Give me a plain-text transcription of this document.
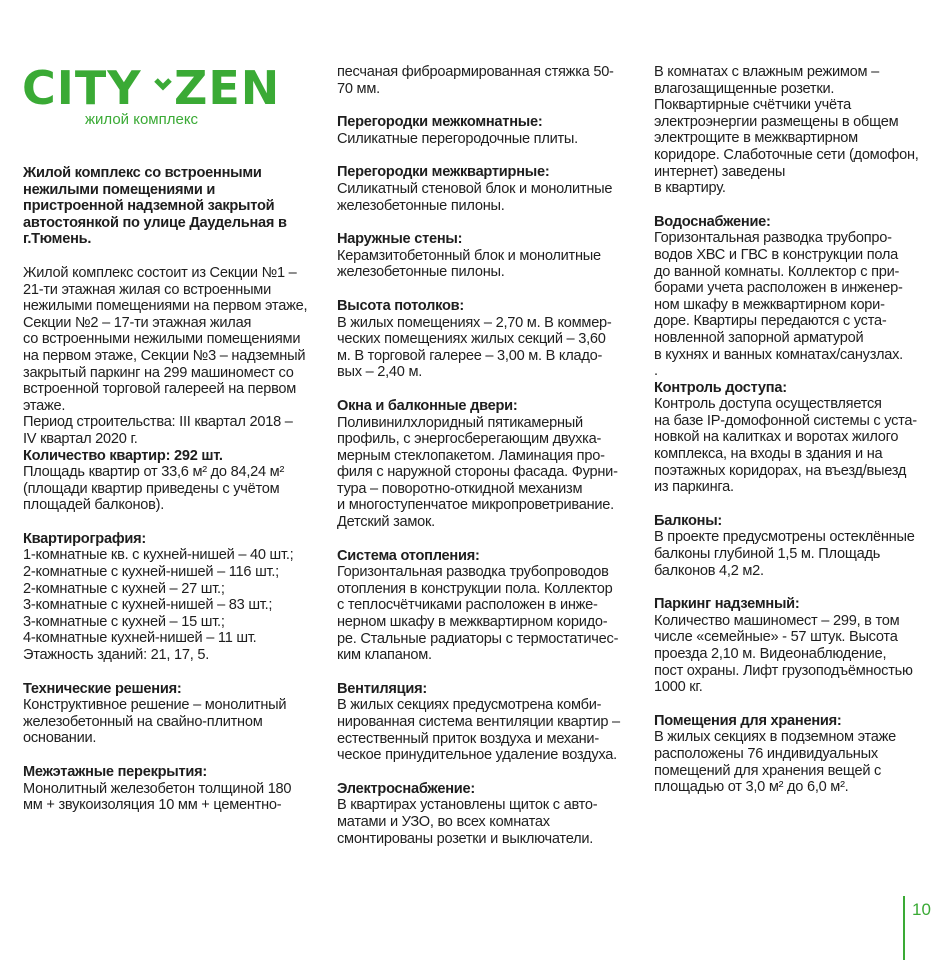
CITY ZEN
жилой комплекс

Жилой комплекс со встроенными
нежилыми помещениями и
пристроенной надземной закрытой
автостоянкой по улице Даудельная в
г.Тюмень.

Жилой комплекс состоит из Секции №1 –
21-ти этажная жилая со встроенными
нежилыми помещениями на первом этаже,
Секции №2 – 17-ти этажная жилая
со встроенными нежилыми помещениями
на первом этаже, Секции №3 – надземный
закрытый паркинг на 299 машиномест со
встроенной торговой галереей на первом
этаже.

Период строительства: III квартал 2018 –
IV квартал 2020 г.

Количество квартир: 292 шт.

Площадь квартир от 33,6 м² до 84,24 м²
(площади квартир приведены с учётом
площадей балконов).

Квартирография:

1-комнатные кв. с кухней-нишей – 40 шт.;
2-комнатные с кухней-нишей – 116 шт.;
2-комнатные с кухней – 27 шт.;
3-комнатные с кухней-нишей – 83 шт.;
3-комнатные с кухней – 15 шт.;
4-комнатные кухней-нишей – 11 шт.
Этажность зданий: 21, 17, 5.

Технические решения:

Конструктивное решение – монолитный
железобетонный на свайно-плитном
основании.

Межэтажные перекрытия:

Монолитный железобетон толщиной 180
мм + звукоизоляция 10 мм + цементно-

песчаная фиброармированная стяжка 50-
70 мм.

Перегородки межкомнатные:

Силикатные перегородочные плиты.

Перегородки межквартирные:

Силикатный стеновой блок и монолитные
железобетонные пилоны.

Наружные стены:

Керамзитобетонный блок и монолитные
железобетонные пилоны.

Высота потолков:

В жилых помещениях – 2,70 м. В коммер-
ческих помещениях жилых секций – 3,60
м. В торговой галерее – 3,00 м. В кладо-
вых – 2,40 м.

Окна и балконные двери:

Поливинилхлоридный пятикамерный
профиль, с энергосберегающим двухка-
мерным стеклопакетом. Ламинация про-
филя с наружной стороны фасада. Фурни-
тура – поворотно-откидной механизм
и многоступенчатое микропроветривание.
Детский замок.

Система отопления:

Горизонтальная разводка трубопроводов
отопления в конструкции пола. Коллектор
с теплосчётчиками расположен в инже-
нерном шкафу в межквартирном коридо-
ре. Стальные радиаторы с термостатичес-
ким клапаном.

Вентиляция:

В жилых секциях предусмотрена комби-
нированная система вентиляции квартир –
естественный приток воздуха и механи-
ческое принудительное удаление воздуха.

Электроснабжение:

В квартирах установлены щиток с авто-
матами и УЗО, во всех комнатах
смонтированы розетки и выключатели.

В комнатах с влажным режимом –
влагозащищенные розетки.
Поквартирные счётчики учёта
электроэнергии размещены в общем
электрощите в межквартирном
коридоре. Слаботочные сети (домофон,
интернет) заведены
в квартиру.

Водоснабжение:

Горизонтальная разводка трубопро-
водов ХВС и ГВС в конструкции пола
до ванной комнаты. Коллектор с при-
борами учета расположен в инженер-
ном шкафу в межквартирном кори-
доре. Квартиры передаются с уста-
новленной запорной арматурой
в кухнях и ванных комнатах/санузлах.
.

Контроль доступа:

Контроль доступа осуществляется
на базе IP-домофонной системы с уста-
новкой на калитках и воротах жилого
комплекса, на входы в здания и на
поэтажных коридорах, на въезд/выезд
из паркинга.

Балконы:

В проекте предусмотрены остеклённые
балконы глубиной 1,5 м. Площадь
балконов 4,2 м2.

Паркинг надземный:

Количество машиномест – 299, в том
числе «семейные» - 57 штук. Высота
проезда 2,10 м. Видеонаблюдение,
пост охраны. Лифт грузоподъёмностью
1000 кг.

Помещения для хранения:

В жилых секциях в подземном этаже
расположены 76 индивидуальных
помещений для хранения вещей с
площадью от 3,0 м² до 6,0 м².

10
